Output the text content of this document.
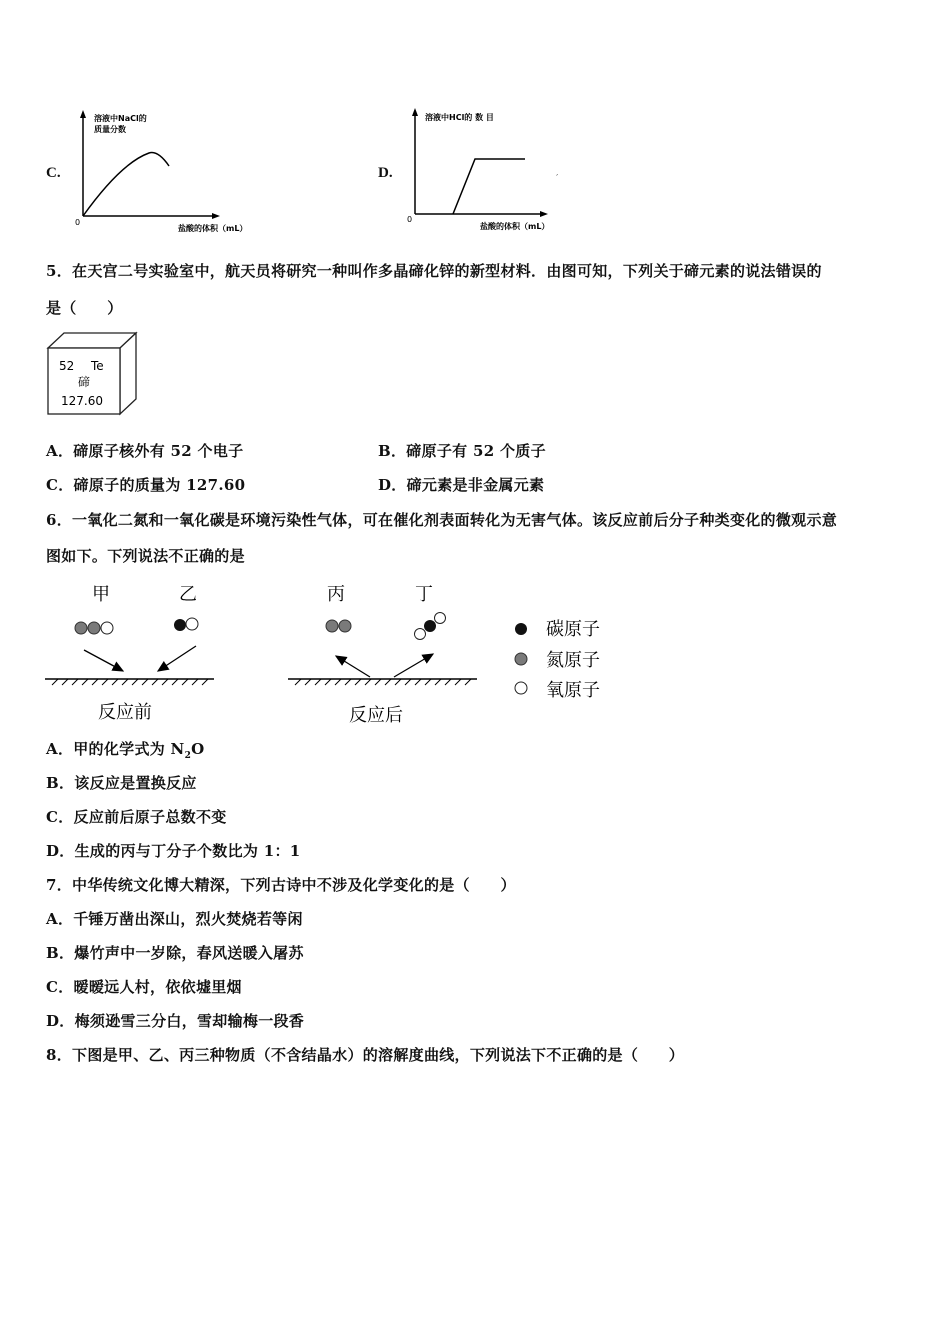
C.
溶液中NaCl的
质量分数
0
盐酸的体积（mL）
D.
溶液中HCl的 数 目
0
盐酸的体积（mL）
ˊ
5．在天宫二号实验室中，航天员将研究一种叫作多晶碲化锌的新型材料．由图可知，下列关于碲元素的说法错误的
是（　　）
52 Te
碲
127.60
A．碲原子核外有 52 个电子	B．碲原子有 52 个质子
C．碲原子的质量为 127.60	D．碲元素是非金属元素
6．一氧化二氮和一氧化碳是环境污染性气体，可在催化剂表面转化为无害气体。该反应前后分子种类变化的微观示意
图如下。下列说法不正确的是
甲	乙	丙	丁
反应前	反应后
碳原子
氮原子
氧原子
A．甲的化学式为 $N_2O$
B．该反应是置换反应
C．反应前后原子总数不变
D．生成的丙与丁分子个数比为 1：1
7．中华传统文化博大精深，下列古诗中不涉及化学变化的是（　　）
A．千锤万凿出深山，烈火焚烧若等闲
B．爆竹声中一岁除，春风送暖入屠苏
C．暧暧远人村，依依墟里烟
D．梅须逊雪三分白，雪却输梅一段香
8．下图是甲、乙、丙三种物质（不含结晶水）的溶解度曲线，下列说法下不正确的是（　　）
